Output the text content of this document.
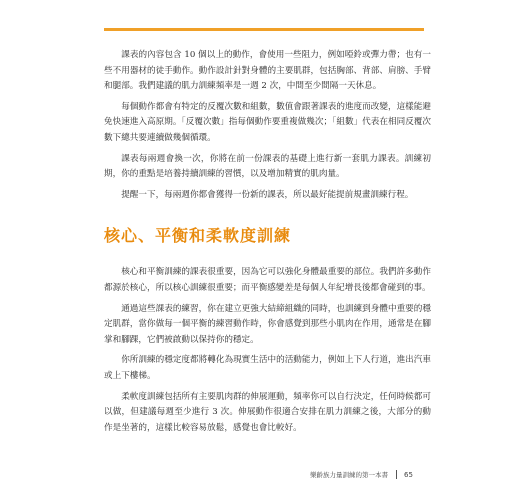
課表的內容包含 10 個以上的動作，會使用一些阻力，例如啞鈴或彈力帶；也有一些不用器材的徒手動作。動作設計針對身體的主要肌群，包括胸部、背部、肩膀、手臂和腿部。我們建議的肌力訓練頻率是一週 2 次，中間至少間隔一天休息。

每個動作都會有特定的反覆次數和組數，數值會跟著課表的進度而改變，這樣能避免快速進入高原期。「反覆次數」指每個動作要重複做幾次；「組數」代表在相同反覆次數下總共要連續做幾個循環。

課表每兩週會換一次，你將在前一份課表的基礎上進行新一套肌力課表。訓練初期，你的重點是培養持續訓練的習慣，以及增加精實的肌肉量。

提醒一下，每兩週你都會獲得一份新的課表，所以最好能提前規畫訓練行程。

核心、平衡和柔軟度訓練

核心和平衡訓練的課表很重要，因為它可以強化身體最重要的部位。我們許多動作都源於核心，所以核心訓練很重要；而平衡感變差是每個人年紀增長後都會碰到的事。

通過這些課表的練習，你在建立更強大結締組織的同時，也訓練到身體中重要的穩定肌群，當你做每一個平衡的練習動作時，你會感覺到那些小肌肉在作用，通常是在腳掌和腳踝，它們被啟動以保持你的穩定。

你所訓練的穩定度都將轉化為現實生活中的活動能力，例如上下人行道，進出汽車或上下樓梯。

柔軟度訓練包括所有主要肌肉群的伸展運動，頻率你可以自行決定，任何時候都可以做，但建議每週至少進行 3 次。伸展動作很適合安排在肌力訓練之後，大部分的動作是坐著的，這樣比較容易放鬆，感覺也會比較好。

樂齡族力量訓練的第一本書 65
